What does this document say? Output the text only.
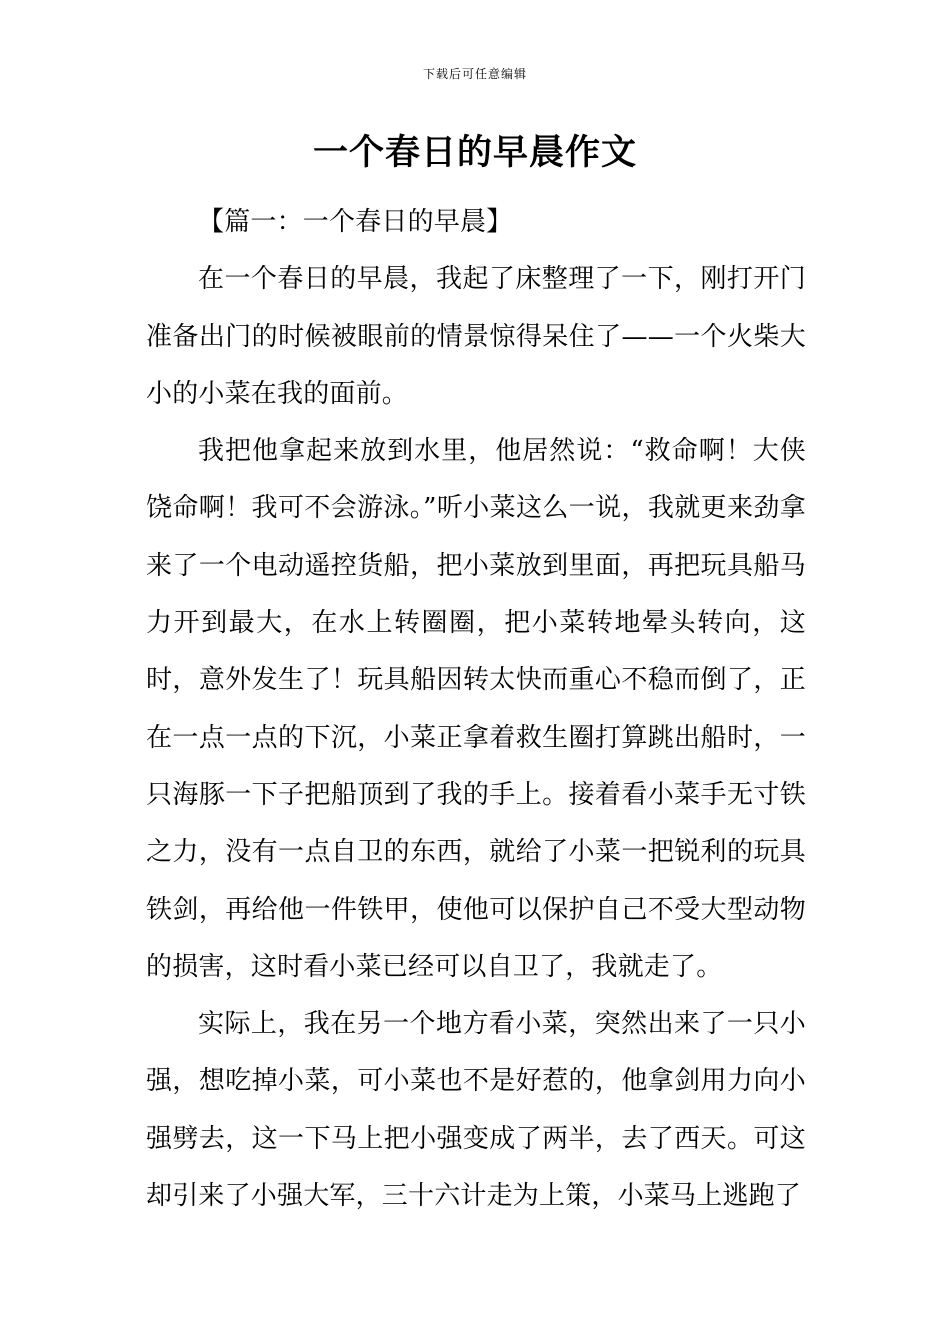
下载后可任意编辑
一个春日的早晨作文

【篇一：一个春日的早晨】

在一个春日的早晨，我起了床整理了一下，刚打开门准备出门的时候被眼前的情景惊得呆住了——一个火柴大小的小菜在我的面前。

我把他拿起来放到水里，他居然说：“救命啊！大侠饶命啊！我可不会游泳。”听小菜这么一说，我就更来劲拿来了一个电动遥控货船，把小菜放到里面，再把玩具船马力开到最大，在水上转圈圈，把小菜转地晕头转向，这时，意外发生了！玩具船因转太快而重心不稳而倒了，正在一点一点的下沉，小菜正拿着救生圈打算跳出船时，一只海豚一下子把船顶到了我的手上。接着看小菜手无寸铁之力，没有一点自卫的东西，就给了小菜一把锐利的玩具铁剑，再给他一件铁甲，使他可以保护自己不受大型动物的损害，这时看小菜已经可以自卫了，我就走了。

实际上，我在另一个地方看小菜，突然出来了一只小强，想吃掉小菜，可小菜也不是好惹的，他拿剑用力向小强劈去，这一下马上把小强变成了两半，去了西天。可这却引来了小强大军，三十六计走为上策，小菜马上逃跑了
